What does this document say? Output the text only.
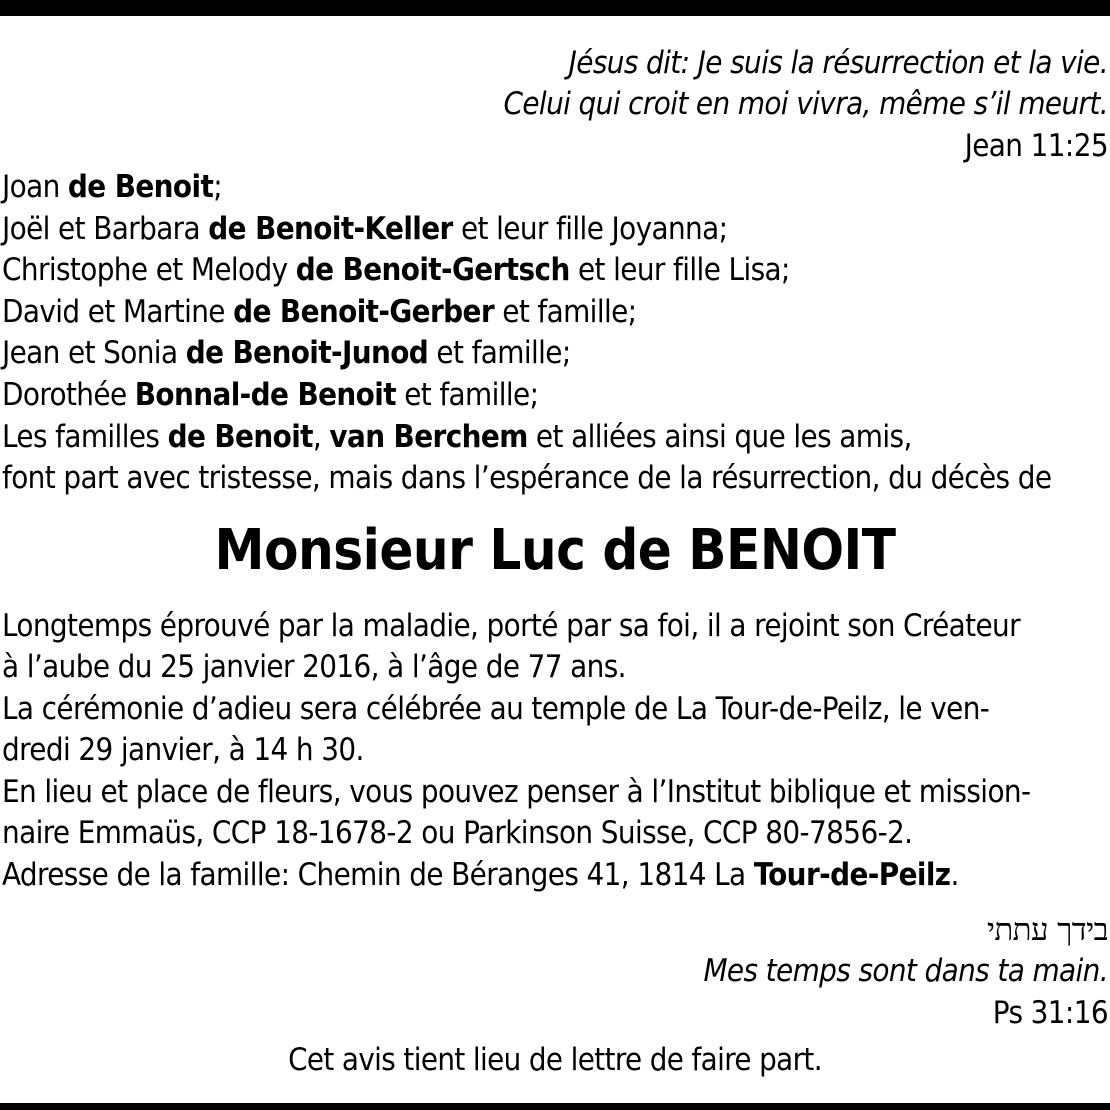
Jésus dit: Je suis la résurrection et la vie.
Celui qui croit en moi vivra, même s’il meurt.
Jean 11:25
Joan de Benoit;
Joël et Barbara de Benoit-Keller et leur fille Joyanna;
Christophe et Melody de Benoit-Gertsch et leur fille Lisa;
David et Martine de Benoit-Gerber et famille;
Jean et Sonia de Benoit-Junod et famille;
Dorothée Bonnal-de Benoit et famille;
Les familles de Benoit, van Berchem et alliées ainsi que les amis,
font part avec tristesse, mais dans l’espérance de la résurrection, du décès de
Monsieur Luc de BENOIT
Longtemps éprouvé par la maladie, porté par sa foi, il a rejoint son Créateur
à l’aube du 25 janvier 2016, à l’âge de 77 ans.
La cérémonie d’adieu sera célébrée au temple de La Tour-de-Peilz, le ven-
dredi 29 janvier, à 14 h 30.
En lieu et place de fleurs, vous pouvez penser à l’Institut biblique et mission-
naire Emmaüs, CCP 18-1678-2 ou Parkinson Suisse, CCP 80-7856-2.
Adresse de la famille: Chemin de Béranges 41, 1814 La Tour-de-Peilz.
בידך עתתי
Mes temps sont dans ta main.
Ps 31:16
Cet avis tient lieu de lettre de faire part.
